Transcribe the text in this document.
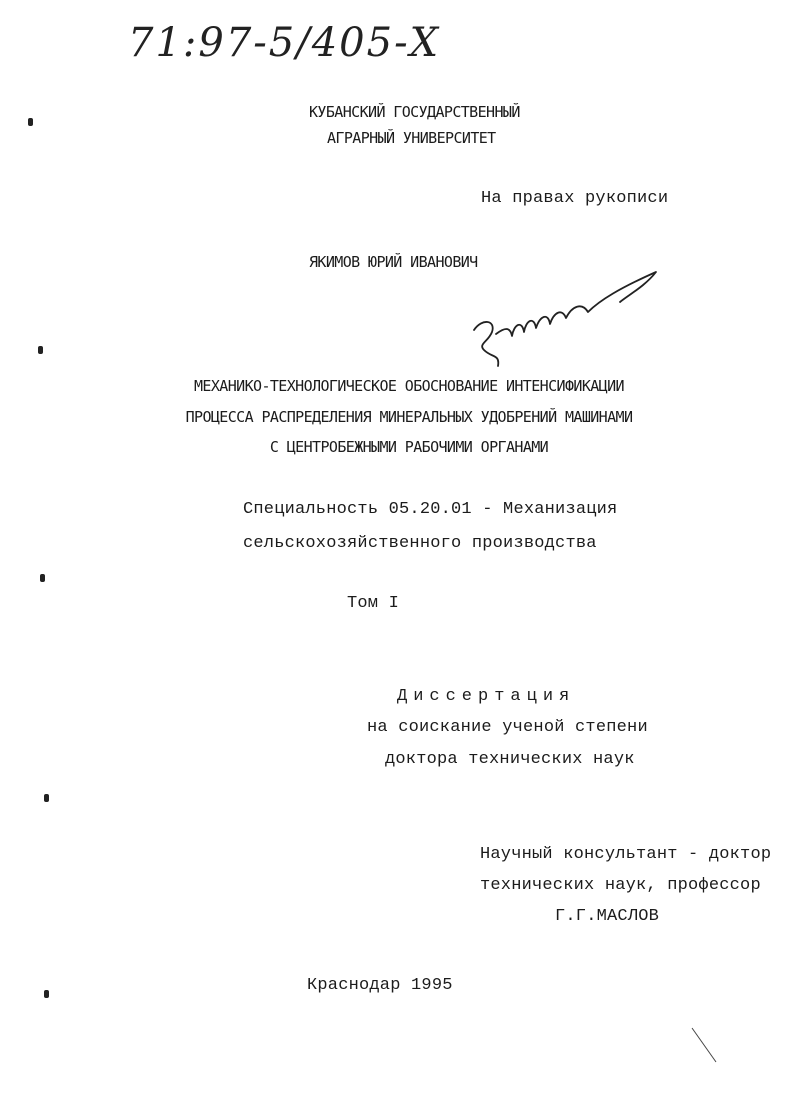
71:97-5/405-Х
КУБАНСКИЙ ГОСУДАРСТВЕННЫЙ
АГРАРНЫЙ УНИВЕРСИТЕТ
На правах рукописи
ЯКИМОВ ЮРИЙ ИВАНОВИЧ
МЕХАНИКО-ТЕХНОЛОГИЧЕСКОЕ ОБОСНОВАНИЕ ИНТЕНСИФИКАЦИИ
ПРОЦЕССА РАСПРЕДЕЛЕНИЯ МИНЕРАЛЬНЫХ УДОБРЕНИЙ МАШИНАМИ
С ЦЕНТРОБЕЖНЫМИ РАБОЧИМИ ОРГАНАМИ
Специальность 05.20.01 - Механизация
сельскохозяйственного производства
Том I
Диссертация
на соискание ученой степени
доктора технических наук
Научный консультант - доктор
технических наук, профессор
Г.Г.МАСЛОВ
Краснодар 1995
